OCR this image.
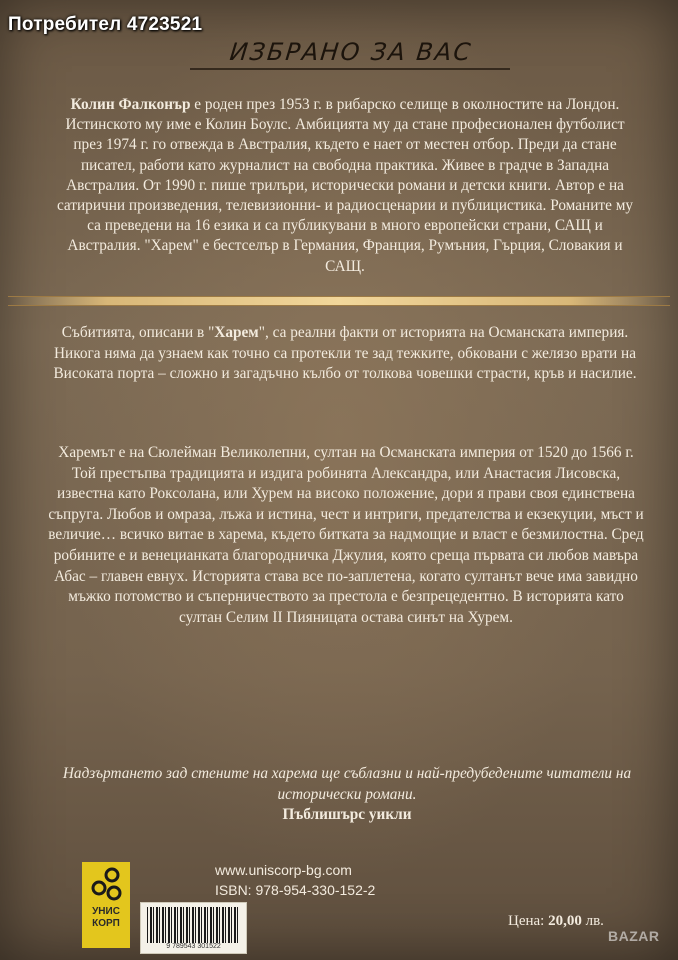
Потребител 4723521
ИЗБРАНО ЗА ВАС
Колин Фалконър е роден през 1953 г. в рибарско селище в околностите на Лондон. Истинското му име е Колин Боулс. Амбицията му да стане професионален футболист през 1974 г. го отвежда в Австралия, където е нает от местен отбор. Преди да стане писател, работи като журналист на свободна практика. Живее в градче в Западна Австралия. От 1990 г. пише трилъри, исторически романи и детски книги. Автор е на сатирични произведения, телевизионни- и радиосценарии и публицистика. Романите му са преведени на 16 езика и са публикувани в много европейски страни, САЩ и Австралия. "Харем" е бестселър в Германия, Франция, Румъния, Гърция, Словакия и САЩ.
Събитията, описани в "Харем", са реални факти от историята на Османската империя. Никога няма да узнаем как точно са протекли те зад тежките, обковани с желязо врати на Високата порта – сложно и загадъчно кълбо от толкова човешки страсти, кръв и насилие.
Харемът е на Сюлейман Великолепни, султан на Османската империя от 1520 до 1566 г. Той престъпва традицията и издига робинята Александра, или Анастасия Лисовска, известна като Роксолана, или Хурем на високо положение, дори я прави своя единствена съпруга. Любов и омраза, лъжа и истина, чест и интриги, предателства и екзекуции, мъст и величие… всичко витае в харема, където битката за надмощие и власт е безмилостна. Сред робините е и венецианката благородничка Джулия, която среща първата си любов мавъра Абас – главен евнух. Историята става все по-заплетена, когато султанът вече има завидно мъжко потомство и съперничеството за престола е безпрецедентно. В историята като султан Селим II Пияницата остава синът на Хурем.
Надзъртането зад стените на харема ще съблазни и най-предубедените читатели на исторически романи.
Пъблишърс уикли
УНИС
КОРП
www.uniscorp-bg.com
ISBN: 978-954-330-152-2
9 789543 301522
Цена: 20,00 лв.
BAZAR
